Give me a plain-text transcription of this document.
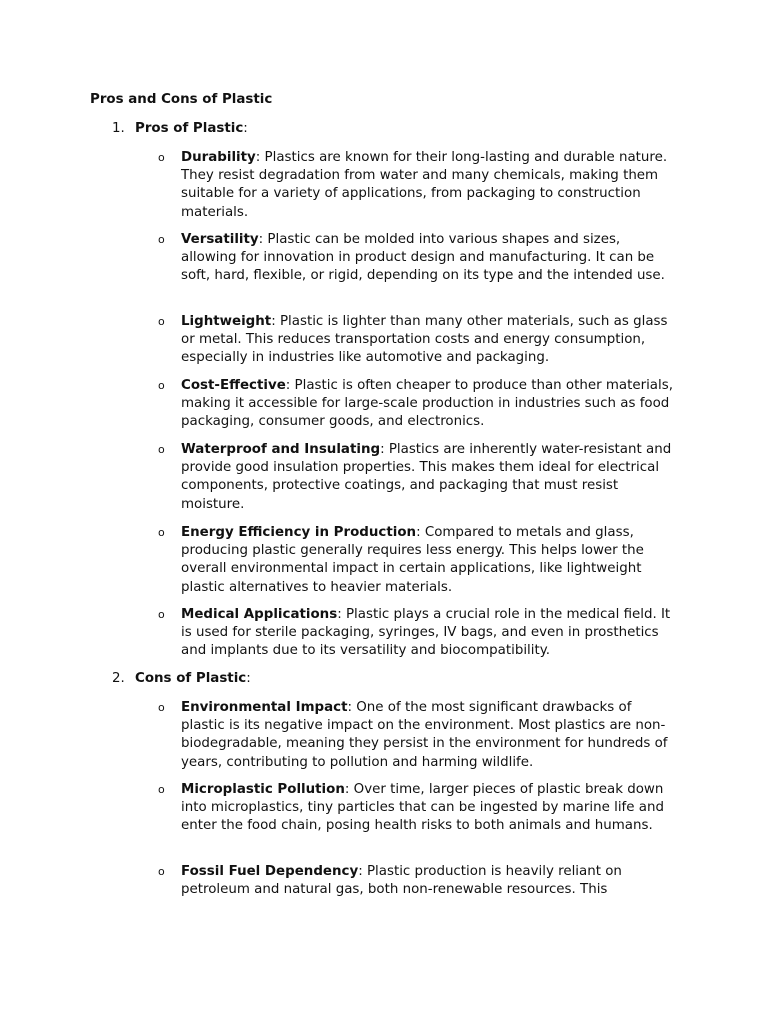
Pros and Cons of Plastic
1. Pros of Plastic:
o Durability: Plastics are known for their long-lasting and durable nature. They resist degradation from water and many chemicals, making them suitable for a variety of applications, from packaging to construction materials.
o Versatility: Plastic can be molded into various shapes and sizes, allowing for innovation in product design and manufacturing. It can be soft, hard, flexible, or rigid, depending on its type and the intended use.
o Lightweight: Plastic is lighter than many other materials, such as glass or metal. This reduces transportation costs and energy consumption, especially in industries like automotive and packaging.
o Cost-Effective: Plastic is often cheaper to produce than other materials, making it accessible for large-scale production in industries such as food packaging, consumer goods, and electronics.
o Waterproof and Insulating: Plastics are inherently water-resistant and provide good insulation properties. This makes them ideal for electrical components, protective coatings, and packaging that must resist moisture.
o Energy Efficiency in Production: Compared to metals and glass, producing plastic generally requires less energy. This helps lower the overall environmental impact in certain applications, like lightweight plastic alternatives to heavier materials.
o Medical Applications: Plastic plays a crucial role in the medical field. It is used for sterile packaging, syringes, IV bags, and even in prosthetics and implants due to its versatility and biocompatibility.
2. Cons of Plastic:
o Environmental Impact: One of the most significant drawbacks of plastic is its negative impact on the environment. Most plastics are non-biodegradable, meaning they persist in the environment for hundreds of years, contributing to pollution and harming wildlife.
o Microplastic Pollution: Over time, larger pieces of plastic break down into microplastics, tiny particles that can be ingested by marine life and enter the food chain, posing health risks to both animals and humans.
o Fossil Fuel Dependency: Plastic production is heavily reliant on petroleum and natural gas, both non-renewable resources. This
